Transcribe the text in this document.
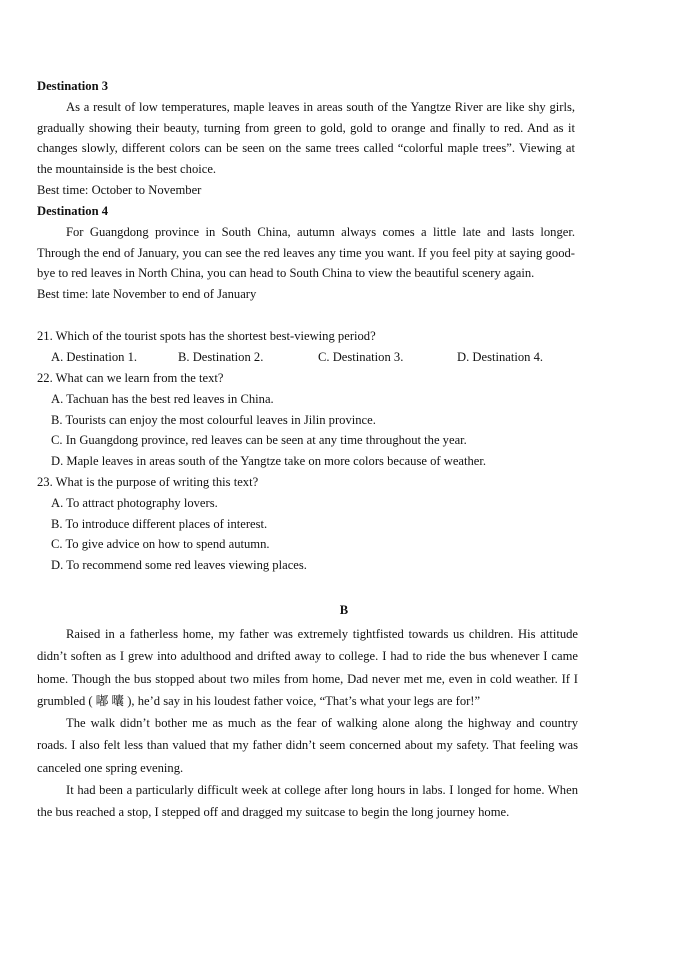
Destination 3

As a result of low temperatures, maple leaves in areas south of the Yangtze River are like shy girls, gradually showing their beauty, turning from green to gold, gold to orange and finally to red. And as it changes slowly, different colors can be seen on the same trees called “colorful maple trees”. Viewing at the mountainside is the best choice.

Best time: October to November
Destination 4

For Guangdong province in South China, autumn always comes a little late and lasts longer. Through the end of January, you can see the red leaves any time you want. If you feel pity at saying good-bye to red leaves in North China, you can head to South China to view the beautiful scenery again.

Best time: late November to end of January
21. Which of the tourist spots has the shortest best-viewing period?
A. Destination 1.	B. Destination 2.	C. Destination 3.	D. Destination 4.
22. What can we learn from the text?
A. Tachuan has the best red leaves in China.
B. Tourists can enjoy the most colourful leaves in Jilin province.
C. In Guangdong province, red leaves can be seen at any time throughout the year.
D. Maple leaves in areas south of the Yangtze take on more colors because of weather.
23. What is the purpose of writing this text?
A. To attract photography lovers.
B. To introduce different places of interest.
C. To give advice on how to spend autumn.
D. To recommend some red leaves viewing places.
B

Raised in a fatherless home, my father was extremely tightfisted towards us children. His attitude didn’t soften as I grew into adulthood and drifted away to college. I had to ride the bus whenever I came home. Though the bus stopped about two miles from home, Dad never met me, even in cold weather. If I grumbled ( 嘟 囔 ), he’d say in his loudest father voice, “That’s what your legs are for!”

The walk didn’t bother me as much as the fear of walking alone along the highway and country roads. I also felt less than valued that my father didn’t seem concerned about my safety. That feeling was canceled one spring evening.

It had been a particularly difficult week at college after long hours in labs. I longed for home. When the bus reached a stop, I stepped off and dragged my suitcase to begin the long journey home.
